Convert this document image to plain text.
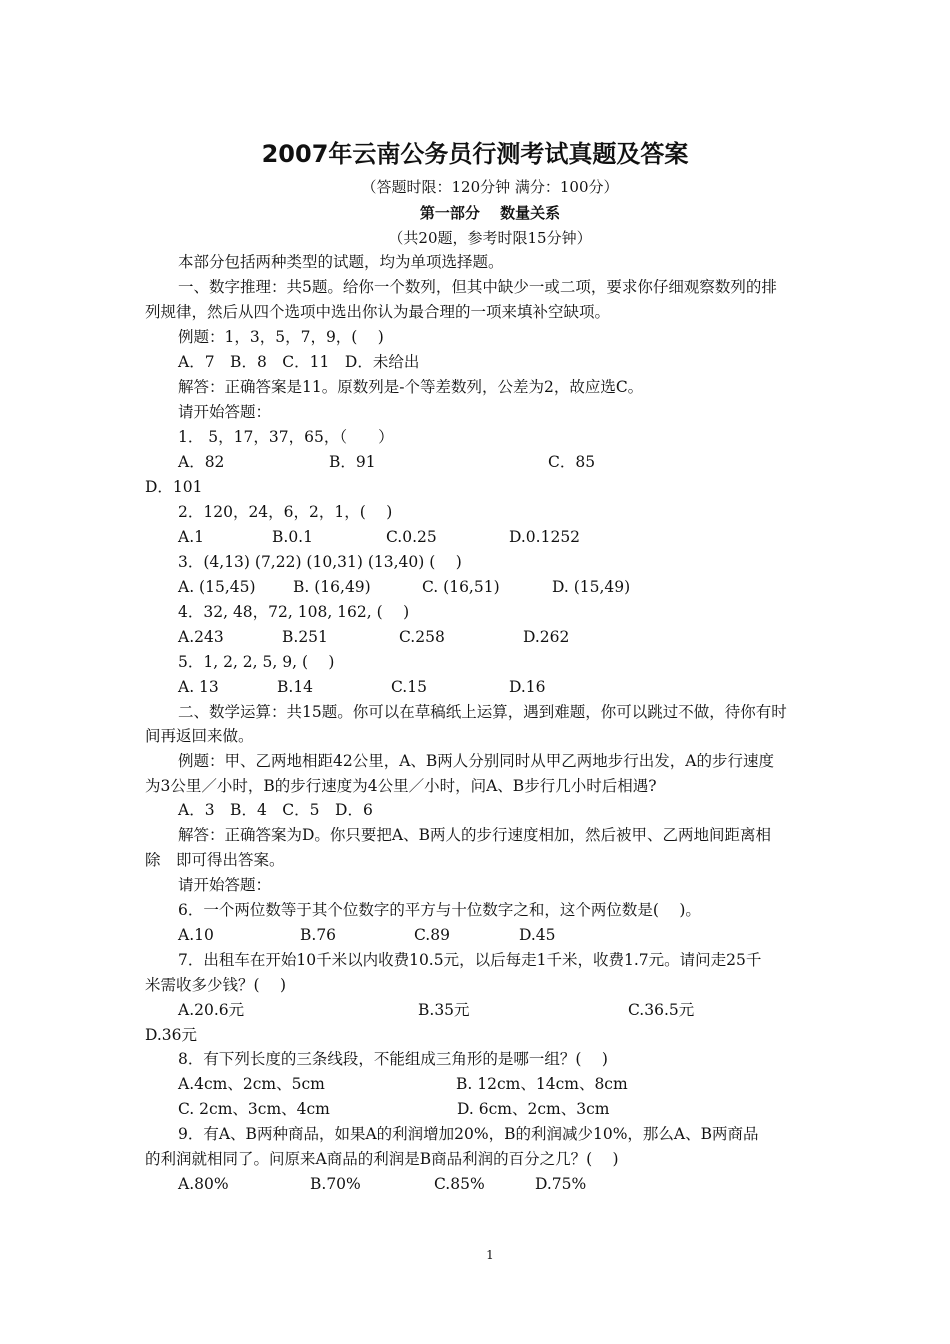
2007年云南公务员行测考试真题及答案
（答题时限：120分钟 满分：100分）
第一部分　 数量关系
（共20题，参考时限15分钟）
本部分包括两种类型的试题，均为单项选择题。
一、数字推理：共5题。给你一个数列，但其中缺少一或二项，要求你仔细观察数列的排
列规律，然后从四个选项中选出你认为最合理的一项来填补空缺项。
例题：1，3，5，7，9，(　 )
A．7　B．8　C．11　D．未给出
解答：正确答案是11。原数列是-个等差数列，公差为2，故应选C。
请开始答题：
1． 5，17，37，65，（　　）
D．101
2．120，24，6，2，1，(　 )
3．(4,13) (7,22) (10,31) (13,40) (　 )
4．32, 48，72, 108, 162, (　 )
5．1, 2, 2, 5, 9, (　 )
二、数学运算：共15题。你可以在草稿纸上运算，遇到难题，你可以跳过不做，待你有时
间再返回来做。
例题：甲、乙两地相距42公里，A、B两人分别同时从甲乙两地步行出发，A的步行速度
为3公里／小时，B的步行速度为4公里／小时，问A、B步行几小时后相遇?
A．3　B．4　C．5　D．6
解答：正确答案为D。你只要把A、B两人的步行速度相加，然后被甲、乙两地间距离相
除　即可得出答案。
请开始答题：
6．一个两位数等于其个位数字的平方与十位数字之和，这个两位数是(　 )。
7．出租车在开始10千米以内收费10.5元，以后每走1千米，收费1.7元。请问走25千
米需收多少钱？(　 )
D.36元
8．有下列长度的三条线段，不能组成三角形的是哪一组？(　 )
9．有A、B两种商品，如果A的利润增加20%，B的利润减少10%，那么A、B两商品
的利润就相同了。问原来A商品的利润是B商品利润的百分之几？(　 )
A．82	B．91	C．85
A.1	B.0.1	C.0.25	D.0.1252
A. (15,45) B. (16,49)	C. (16,51)	D. (15,49)
A.243	B.251	C.258	D.262
A. 13	B.14	C.15	D.16
A.10	B.76	C.89	D.45
A.20.6元	B.35元	C.36.5元
A.4cm、2cm、5cm	B. 12cm、14cm、8cm
C. 2cm、3cm、4cm	D. 6cm、2cm、3cm
A.80%	B.70%	C.85%	D.75%
1
